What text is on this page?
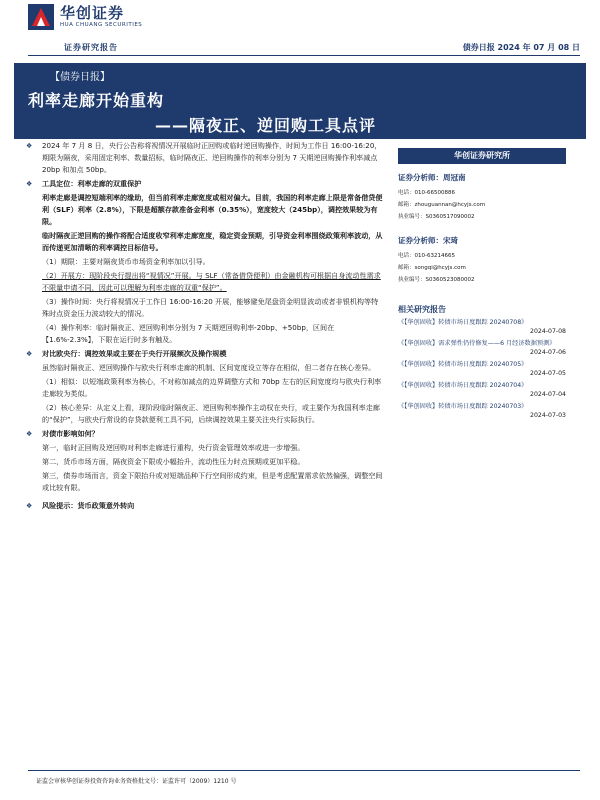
华创证券
HUA CHUANG SECURITIES
证券研究报告	债券日报 2024 年 07 月 08 日
【债券日报】
利率走廊开始重构
——隔夜正、逆回购工具点评
❖ 2024 年 7 月 8 日，央行公告称将视情况开展临时正回购或临时逆回购操作，时间为工作日 16:00-16:20，期限为隔夜，采用固定利率、数量招标，临时隔夜正、逆回购操作的利率分别为 7 天期逆回购操作利率减点 20bp 和加点 50bp。
❖ 工具定位：利率走廊的双重保护
利率走廊是调控短端利率的缘助，但当前利率走廊宽度或相对偏大。目前，我国的利率走廊上限是常备借贷便利（SLF）利率（2.8%），下限是超额存款准备金利率（0.35%），宽度较大（245bp），调控效果较为有限。
临时隔夜正逆回购的操作将配合适度收窄利率走廊宽度，稳定资金预期，引导资金利率围绕政策利率波动，从而传递更加清晰的利率调控目标信号。
（1）期限：主要对隔夜货币市场资金利率加以引导。
（2）开展方：现阶段央行提出将“视情况”开展。与 SLF（常备借贷便利）由金融机构可根据自身流动性需求不限量申请不同，因此可以理解为利率走廊的双重“保护”。
（3）操作时间：央行将视情况于工作日 16:00-16:20 开展，能够避免尾盘资金明显波动或者非银机构等特殊时点资金压力波动较大的情况。
（4）操作利率：临时隔夜正、逆回购利率分别为 7 天期逆回购利率-20bp、+50bp，区间在【1.6%-2.3%】，下限在运行时多有触及。
❖ 对比欧央行：调控效果或主要在于央行开展频次及操作规模
虽然临时隔夜正、逆回购操作与欧央行利率走廊的机制、区间宽度设立等存在相似，但二者存在核心差异。
（1）相似：以短端政策利率为核心，不对称加减点的边界调整方式和 70bp 左右的区间宽度均与欧央行利率走廊较为类似。
（2）核心差异：从定义上看，现阶段临时隔夜正、逆回购利率操作主动权在央行，或主要作为我国利率走廊的“保护”，与欧央行常设的存贷款便利工具不同，后续调控效果主要关注央行实际执行。
❖ 对债市影响如何？
第一，临时正回购及逆回购对利率走廊进行重构，央行资金管理效率或进一步增强。
第二，货币市场方面，隔夜资金下限或小幅抬升，流动性压力时点预期或更加平稳。
第三，债券市场而言，资金下限抬升或对短端品种下行空间形成约束，但是考虑配置需求依然偏强，调整空间或比较有限。
❖ 风险提示：货币政策意外转向
华创证券研究所
证券分析师：周冠南
电话：010-66500886
邮箱：zhouguannan@hcyjs.com
执业编号：S0360517090002
证券分析师：宋琦
电话：010-63214665
邮箱：songqi@hcyjs.com
执业编号：S0360523080002
相关研究报告
《【华创固收】转债市场日度跟踪 20240708》
2024-07-08
《【华创固收】需求弹性仍待修复——6 月经济数据预测》
2024-07-06
《【华创固收】转债市场日度跟踪 20240705》
2024-07-05
《【华创固收】转债市场日度跟踪 20240704》
2024-07-04
《【华创固收】转债市场日度跟踪 20240703》
2024-07-03
证监会审核华创证券投资咨询业务资格批文号：证监许可（2009）1210 号
